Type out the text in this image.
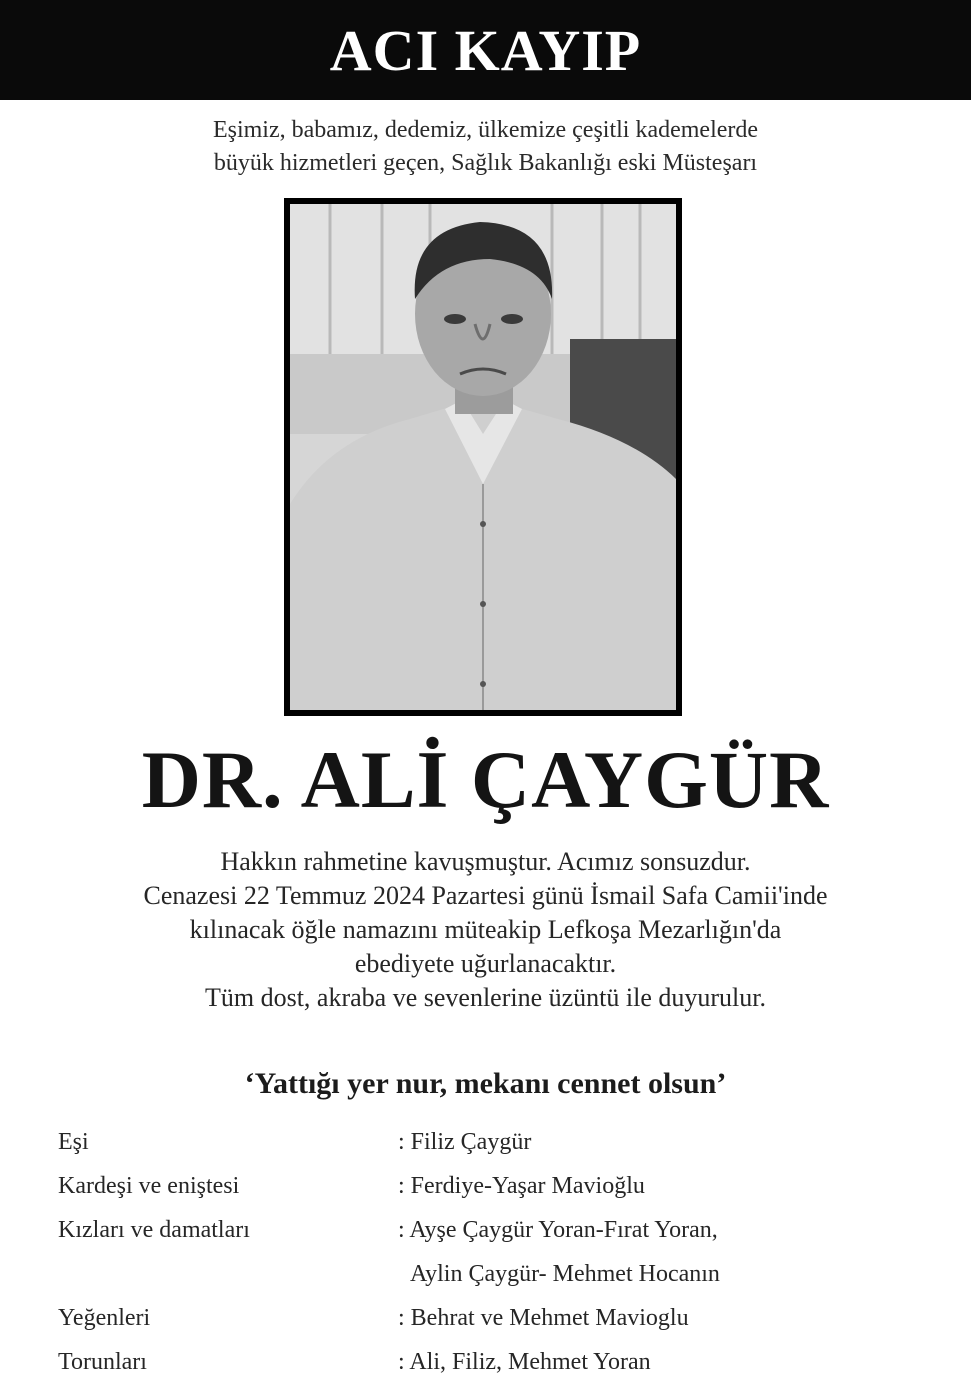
ACI KAYIP
Eşimiz, babamız, dedemiz, ülkemize çeşitli kademelerde
büyük hizmetleri geçen, Sağlık Bakanlığı eski Müsteşarı
DR. ALİ ÇAYGÜR
Hakkın rahmetine kavuşmuştur. Acımız sonsuzdur.
Cenazesi 22 Temmuz 2024 Pazartesi günü İsmail Safa Camii'inde
kılınacak öğle namazını müteakip Lefkoşa Mezarlığın'da
ebediyete uğurlanacaktır.
Tüm dost, akraba ve sevenlerine üzüntü ile duyurulur.
‘Yattığı yer nur, mekanı cennet olsun’
Eşi	: Filiz Çaygür
Kardeşi ve eniştesi	: Ferdiye-Yaşar Mavioğlu
Kızları ve damatları	: Ayşe Çaygür Yoran-Fırat Yoran,
Aylin Çaygür- Mehmet Hocanın
Yeğenleri	: Behrat ve Mehmet Mavioglu
Torunları	: Ali, Filiz, Mehmet Yoran
